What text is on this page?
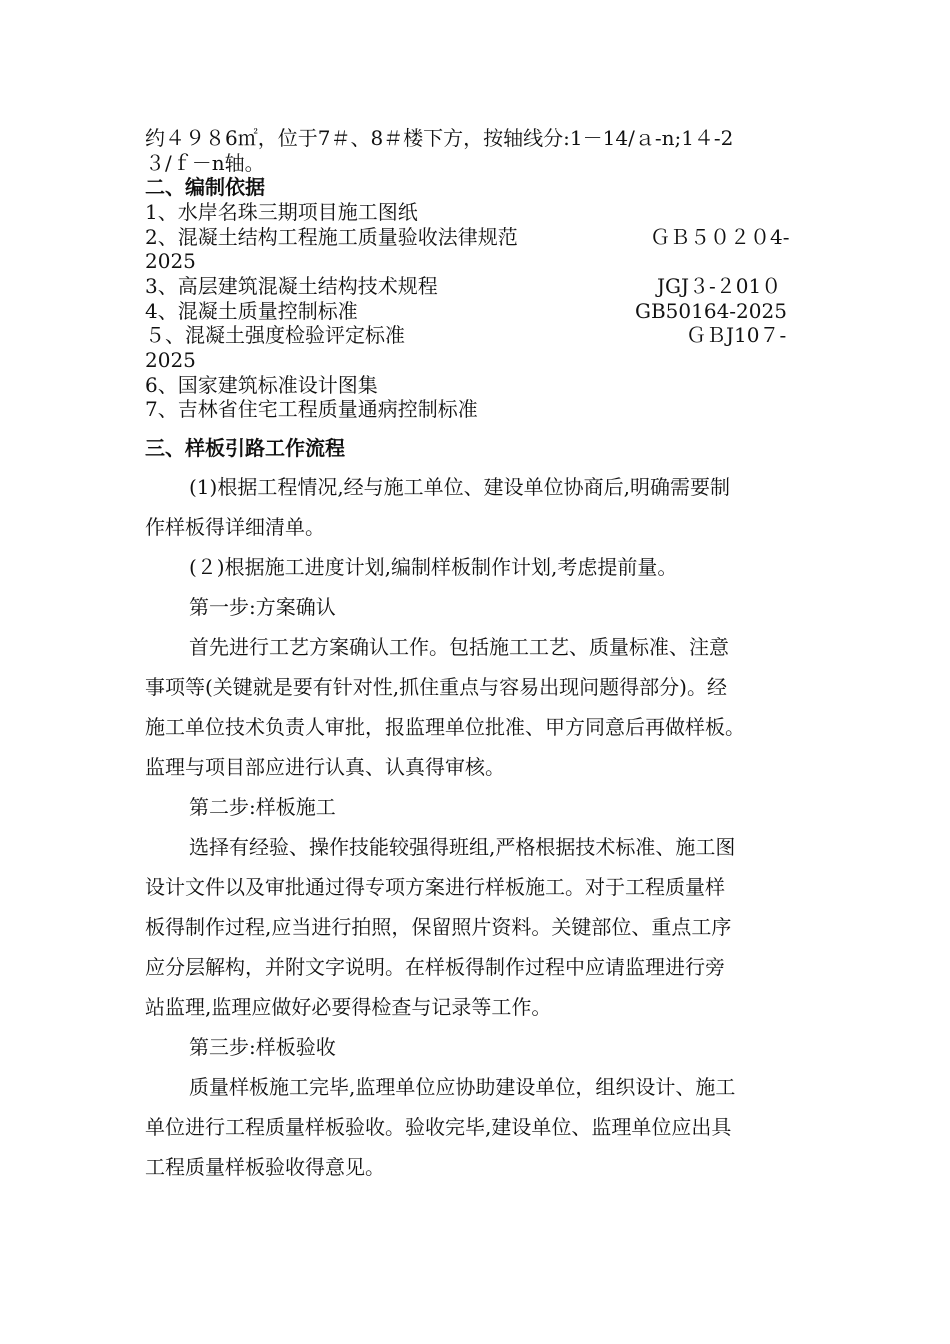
约４９８6㎡，位于7＃、8＃楼下方，按轴线分:1－14/ａ-n;1４-2
３/ｆ－n轴。
二、编制依据
1、水岸名珠三期项目施工图纸
2、混凝土结构工程施工质量验收法律规范	ＧＢ５０２０4-
2025
3、高层建筑混凝土结构技术规程	JGJ３-２01０
4、混凝土质量控制标准	GB50164-2025
５、混凝土强度检验评定标准	ＧＢJ10７-
2025
6、国家建筑标准设计图集
7、吉林省住宅工程质量通病控制标准
三、样板引路工作流程
(1)根据工程情况,经与施工单位、建设单位协商后,明确需要制
作样板得详细清单。
(２)根据施工进度计划,编制样板制作计划,考虑提前量。
第一步:方案确认
首先进行工艺方案确认工作。包括施工工艺、质量标准、注意
事项等(关键就是要有针对性,抓住重点与容易出现问题得部分)。经
施工单位技术负责人审批，报监理单位批准、甲方同意后再做样板。
监理与项目部应进行认真、认真得审核。
第二步:样板施工
选择有经验、操作技能较强得班组,严格根据技术标准、施工图
设计文件以及审批通过得专项方案进行样板施工。对于工程质量样
板得制作过程,应当进行拍照，保留照片资料。关键部位、重点工序
应分层解构，并附文字说明。在样板得制作过程中应请监理进行旁
站监理,监理应做好必要得检查与记录等工作。
第三步:样板验收
质量样板施工完毕,监理单位应协助建设单位，组织设计、施工
单位进行工程质量样板验收。验收完毕,建设单位、监理单位应出具
工程质量样板验收得意见。
